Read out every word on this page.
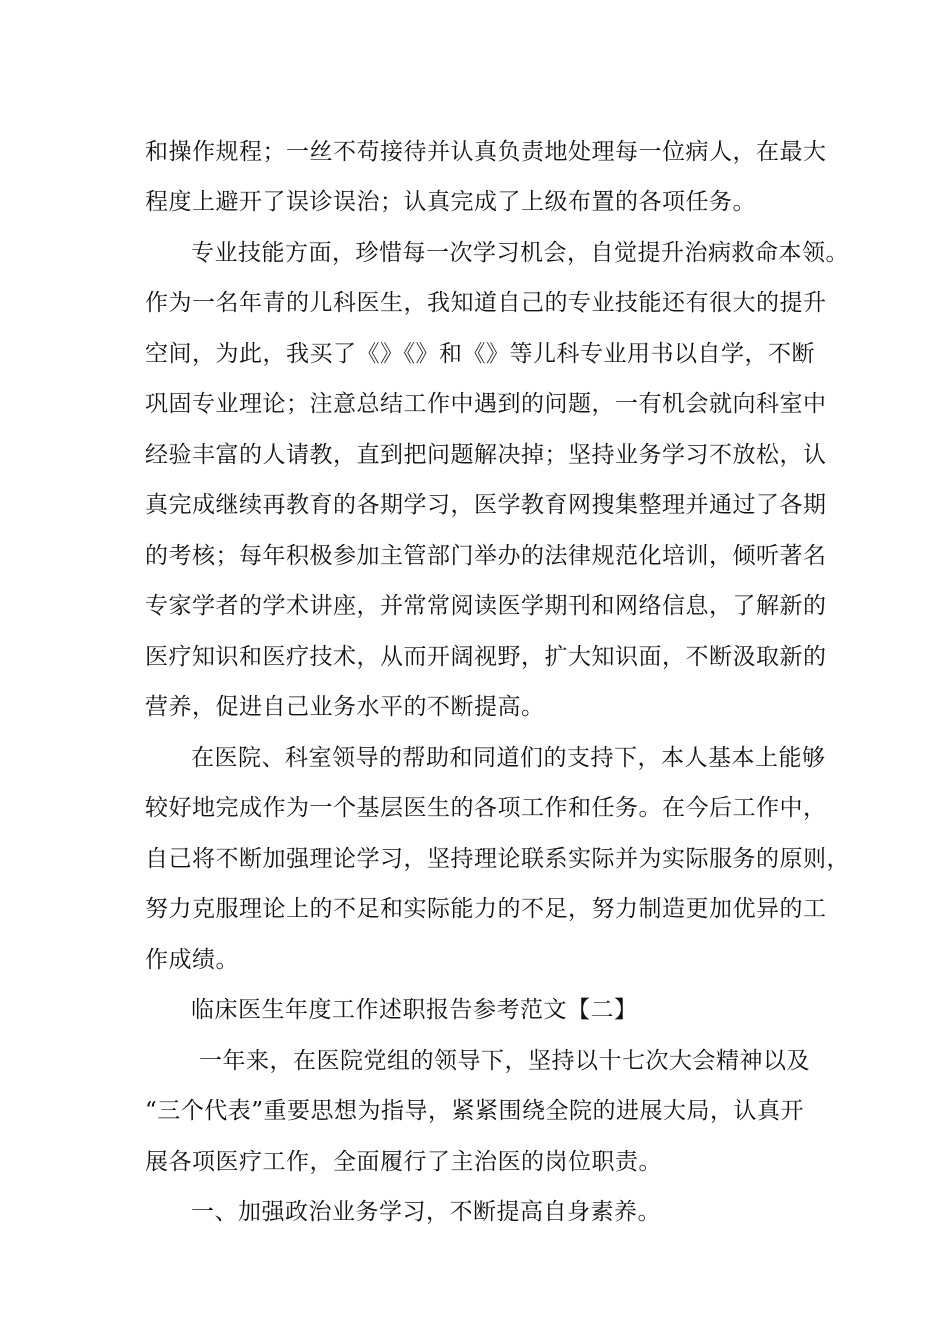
和操作规程；一丝不苟接待并认真负责地处理每一位病人，在最大
程度上避开了误诊误治；认真完成了上级布置的各项任务。
专业技能方面，珍惜每一次学习机会，自觉提升治病救命本领。
作为一名年青的儿科医生，我知道自己的专业技能还有很大的提升
空间，为此，我买了《》《》和《》等儿科专业用书以自学，不断
巩固专业理论；注意总结工作中遇到的问题，一有机会就向科室中
经验丰富的人请教，直到把问题解决掉；坚持业务学习不放松，认
真完成继续再教育的各期学习，医学教育网搜集整理并通过了各期
的考核；每年积极参加主管部门举办的法律规范化培训，倾听著名
专家学者的学术讲座，并常常阅读医学期刊和网络信息，了解新的
医疗知识和医疗技术，从而开阔视野，扩大知识面，不断汲取新的
营养，促进自己业务水平的不断提高。
在医院、科室领导的帮助和同道们的支持下，本人基本上能够
较好地完成作为一个基层医生的各项工作和任务。在今后工作中，
自己将不断加强理论学习，坚持理论联系实际并为实际服务的原则，
努力克服理论上的不足和实际能力的不足，努力制造更加优异的工
作成绩。
临床医生年度工作述职报告参考范文【二】
一年来，在医院党组的领导下，坚持以十七次大会精神以及
“三个代表”重要思想为指导，紧紧围绕全院的进展大局，认真开
展各项医疗工作，全面履行了主治医的岗位职责。
一、加强政治业务学习，不断提高自身素养。
